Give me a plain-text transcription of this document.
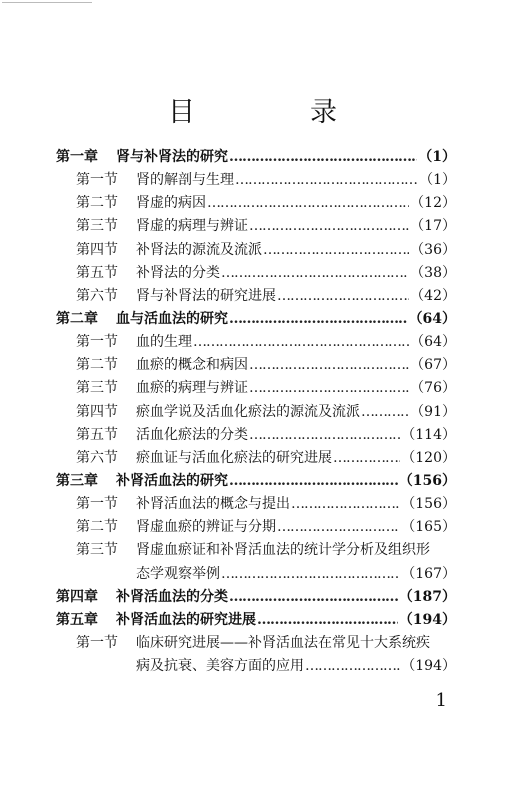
目　录
第一章 肾与补肾法的研究 …………………………………………………………………………………………………………	（1）
第一节 肾的解剖与生理 …………………………………………………………………………………………………………	（1）
第二节 肾虚的病因 …………………………………………………………………………………………………………	（12）
第三节 肾虚的病理与辨证 …………………………………………………………………………………………………………	（17）
第四节 补肾法的源流及流派 …………………………………………………………………………………………………………	（36）
第五节 补肾法的分类 …………………………………………………………………………………………………………	（38）
第六节 肾与补肾法的研究进展 …………………………………………………………………………………………………………	（42）
第二章 血与活血法的研究 …………………………………………………………………………………………………………	（64）
第一节 血的生理 …………………………………………………………………………………………………………	（64）
第二节 血瘀的概念和病因 …………………………………………………………………………………………………………	（67）
第三节 血瘀的病理与辨证 …………………………………………………………………………………………………………	（76）
第四节 瘀血学说及活血化瘀法的源流及流派 …………………………………………………………………………………………………………	（91）
第五节 活血化瘀法的分类 …………………………………………………………………………………………………………	（114）
第六节 瘀血证与活血化瘀法的研究进展 …………………………………………………………………………………………………………	（120）
第三章 补肾活血法的研究 …………………………………………………………………………………………………………	（156）
第一节 补肾活血法的概念与提出 …………………………………………………………………………………………………………	（156）
第二节 肾虚血瘀的辨证与分期 …………………………………………………………………………………………………………	（165）
第三节 肾虚血瘀证和补肾活血法的统计学分析及组织形
态学观察举例 …………………………………………………………………………………………………………	（167）
第四章 补肾活血法的分类 …………………………………………………………………………………………………………	（187）
第五章 补肾活血法的研究进展 …………………………………………………………………………………………………………	（194）
第一节 临床研究进展——补肾活血法在常见十大系统疾
病及抗衰、美容方面的应用 …………………………………………………………………………………………………………	（194）
1
